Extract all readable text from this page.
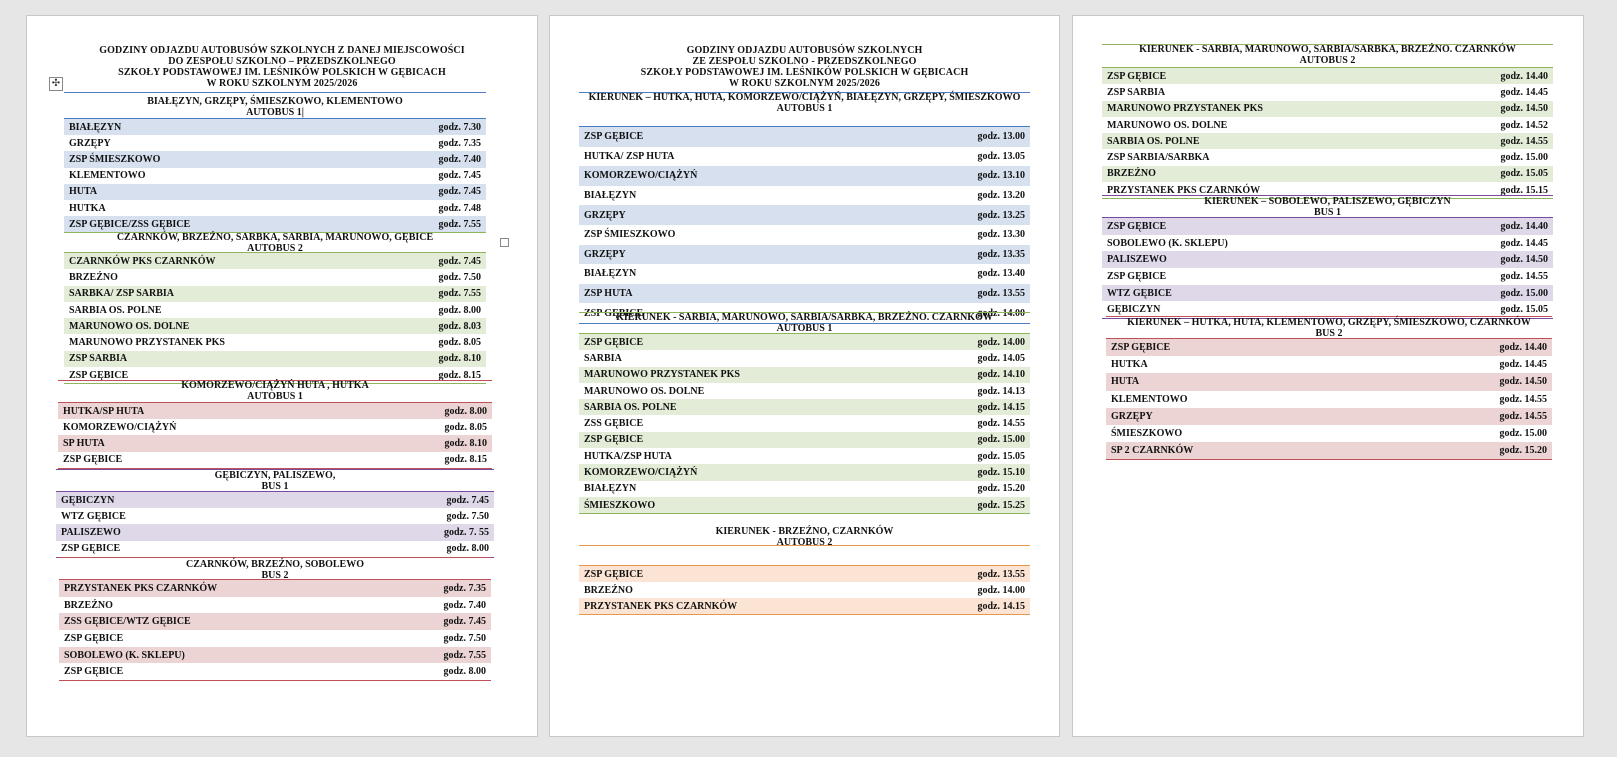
GODZINY ODJAZDU AUTOBUSÓW SZKOLNYCH Z DANEJ MIEJSCOWOŚCI
DO ZESPOŁU SZKOLNO – PRZEDSZKOLNEGO
SZKOŁY PODSTAWOWEJ IM. LEŚNIKÓW POLSKICH W GĘBICACH
W ROKU SZKOLNYM 2025/2026
✣
BIAŁĘZYN, GRZĘPY, ŚMIESZKOWO, KLEMENTOWO
AUTOBUS 1|
BIAŁĘZYN	godz. 7.30
GRZĘPY	godz. 7.35
ZSP ŚMIESZKOWO	godz. 7.40
KLEMENTOWO	godz. 7.45
HUTA	godz. 7.45
HUTKA	godz. 7.48
ZSP GĘBICE/ZSS GĘBICE	godz. 7.55
CZARNKÓW, BRZEŹNO, SARBKA, SARBIA, MARUNOWO, GĘBICE
AUTOBUS 2
CZARNKÓW PKS CZARNKÓW	godz. 7.45
BRZEŹNO	godz. 7.50
SARBKA/ ZSP SARBIA	godz. 7.55
SARBIA OS. POLNE	godz. 8.00
MARUNOWO OS. DOLNE	godz. 8.03
MARUNOWO PRZYSTANEK PKS	godz. 8.05
ZSP SARBIA	godz. 8.10
ZSP GĘBICE	godz. 8.15
KOMORZEWO/CIĄŻYŃ HUTA , HUTKA
AUTOBUS 1
HUTKA/SP HUTA	godz. 8.00
KOMORZEWO/CIĄŻYŃ	godz. 8.05
SP HUTA	godz. 8.10
ZSP GĘBICE	godz. 8.15
GĘBICZYN, PALISZEWO,
BUS 1
GĘBICZYN	godz. 7.45
WTZ GĘBICE	godz. 7.50
PALISZEWO	godz. 7. 55
ZSP GĘBICE	godz. 8.00
CZARNKÓW, BRZEŹNO, SOBOLEWO
BUS 2
PRZYSTANEK PKS CZARNKÓW	godz. 7.35
BRZEŹNO	godz. 7.40
ZSS GĘBICE/WTZ GĘBICE	godz. 7.45
ZSP GĘBICE	godz. 7.50
SOBOLEWO (K. SKLEPU)	godz. 7.55
ZSP GĘBICE	godz. 8.00
GODZINY ODJAZDU AUTOBUSÓW SZKOLNYCH
ZE ZESPOŁU SZKOLNO - PRZEDSZKOLNEGO
SZKOŁY PODSTAWOWEJ IM. LEŚNIKÓW POLSKICH W GĘBICACH
W ROKU SZKOLNYM 2025/2026
KIERUNEK – HUTKA, HUTA, KOMORZEWO/CIĄŻYŃ, BIAŁĘZYN, GRZĘPY, ŚMIESZKOWO
AUTOBUS 1
ZSP GĘBICE	godz. 13.00
HUTKA/ ZSP HUTA	godz. 13.05
KOMORZEWO/CIĄŻYŃ	godz. 13.10
BIAŁĘZYN	godz. 13.20
GRZĘPY	godz. 13.25
ZSP ŚMIESZKOWO	godz. 13.30
GRZĘPY	godz. 13.35
BIAŁĘZYN	godz. 13.40
ZSP HUTA	godz. 13.55
ZSP GĘBICE	godz. 14.00
KIERUNEK - SARBIA, MARUNOWO, SARBIA/SARBKA, BRZEŹNO. CZARNKÓW
AUTOBUS 1
ZSP GĘBICE	godz. 14.00
SARBIA	godz. 14.05
MARUNOWO PRZYSTANEK PKS	godz. 14.10
MARUNOWO OS. DOLNE	godz. 14.13
SARBIA OS. POLNE	godz. 14.15
ZSS GĘBICE	godz. 14.55
ZSP GĘBICE	godz. 15.00
HUTKA/ZSP HUTA	godz. 15.05
KOMORZEWO/CIĄŻYŃ	godz. 15.10
BIAŁĘZYN	godz. 15.20
ŚMIESZKOWO	godz. 15.25
KIERUNEK - BRZEŹNO, CZARNKÓW
AUTOBUS 2
ZSP GĘBICE	godz. 13.55
BRZEŹNO	godz. 14.00
PRZYSTANEK PKS CZARNKÓW	godz. 14.15
KIERUNEK - SARBIA, MARUNOWO, SARBIA/SARBKA, BRZEŹNO. CZARNKÓW
AUTOBUS 2
ZSP GĘBICE	godz. 14.40
ZSP SARBIA	godz. 14.45
MARUNOWO PRZYSTANEK PKS	godz. 14.50
MARUNOWO OS. DOLNE	godz. 14.52
SARBIA OS. POLNE	godz. 14.55
ZSP SARBIA/SARBKA	godz. 15.00
BRZEŹNO	godz. 15.05
PRZYSTANEK PKS CZARNKÓW	godz. 15.15
KIERUNEK – SOBOLEWO, PALISZEWO, GĘBICZYN
BUS 1
ZSP GĘBICE	godz. 14.40
SOBOLEWO (K. SKLEPU)	godz. 14.45
PALISZEWO	godz. 14.50
ZSP GĘBICE	godz. 14.55
WTZ GĘBICE	godz. 15.00
GĘBICZYN	godz. 15.05
KIERUNEK – HUTKA, HUTA, KLEMENTOWO, GRZĘPY, ŚMIESZKOWO, CZARNKÓW
BUS 2
ZSP GĘBICE	godz. 14.40
HUTKA	godz. 14.45
HUTA	godz. 14.50
KLEMENTOWO	godz. 14.55
GRZĘPY	godz. 14.55
ŚMIESZKOWO	godz. 15.00
SP 2 CZARNKÓW	godz. 15.20
